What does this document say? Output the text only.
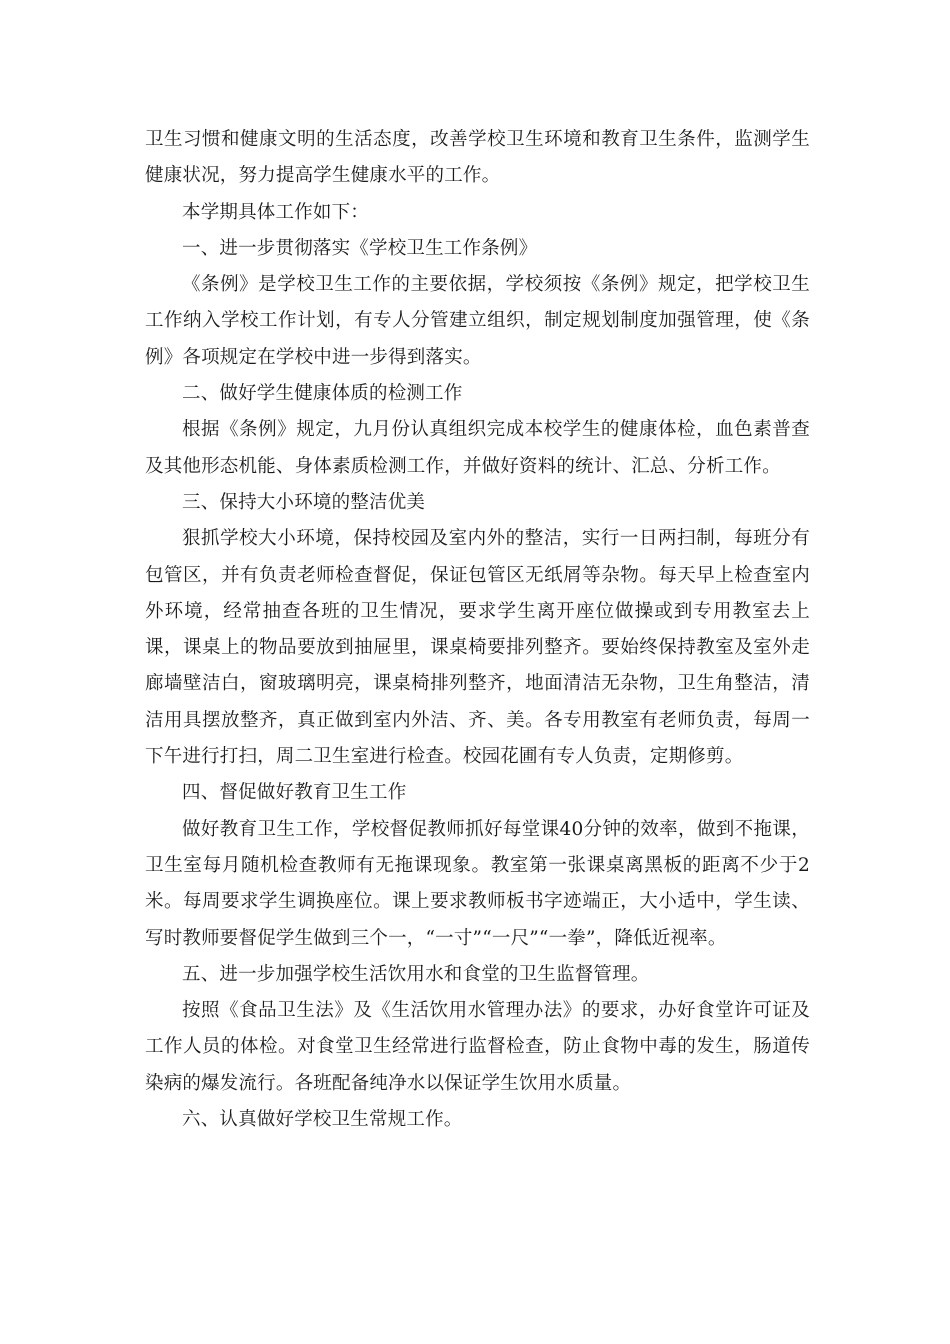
卫生习惯和健康文明的生活态度，改善学校卫生环境和教育卫生条件，监测学生健康状况，努力提高学生健康水平的工作。

本学期具体工作如下：

一、进一步贯彻落实《学校卫生工作条例》

《条例》是学校卫生工作的主要依据，学校须按《条例》规定，把学校卫生工作纳入学校工作计划，有专人分管建立组织，制定规划制度加强管理，使《条例》各项规定在学校中进一步得到落实。

二、做好学生健康体质的检测工作

根据《条例》规定，九月份认真组织完成本校学生的健康体检，血色素普查及其他形态机能、身体素质检测工作，并做好资料的统计、汇总、分析工作。

三、保持大小环境的整洁优美

狠抓学校大小环境，保持校园及室内外的整洁，实行一日两扫制，每班分有包管区，并有负责老师检查督促，保证包管区无纸屑等杂物。每天早上检查室内外环境，经常抽查各班的卫生情况，要求学生离开座位做操或到专用教室去上课，课桌上的物品要放到抽屉里，课桌椅要排列整齐。要始终保持教室及室外走廊墙壁洁白，窗玻璃明亮，课桌椅排列整齐，地面清洁无杂物，卫生角整洁，清洁用具摆放整齐，真正做到室内外洁、齐、美。各专用教室有老师负责，每周一下午进行打扫，周二卫生室进行检查。校园花圃有专人负责，定期修剪。

四、督促做好教育卫生工作

做好教育卫生工作，学校督促教师抓好每堂课40分钟的效率，做到不拖课，卫生室每月随机检查教师有无拖课现象。教室第一张课桌离黑板的距离不少于2米。每周要求学生调换座位。课上要求教师板书字迹端正，大小适中，学生读、写时教师要督促学生做到三个一，“一寸”“一尺”“一拳”，降低近视率。

五、进一步加强学校生活饮用水和食堂的卫生监督管理。

按照《食品卫生法》及《生活饮用水管理办法》的要求，办好食堂许可证及工作人员的体检。对食堂卫生经常进行监督检查，防止食物中毒的发生，肠道传染病的爆发流行。各班配备纯净水以保证学生饮用水质量。

六、认真做好学校卫生常规工作。
